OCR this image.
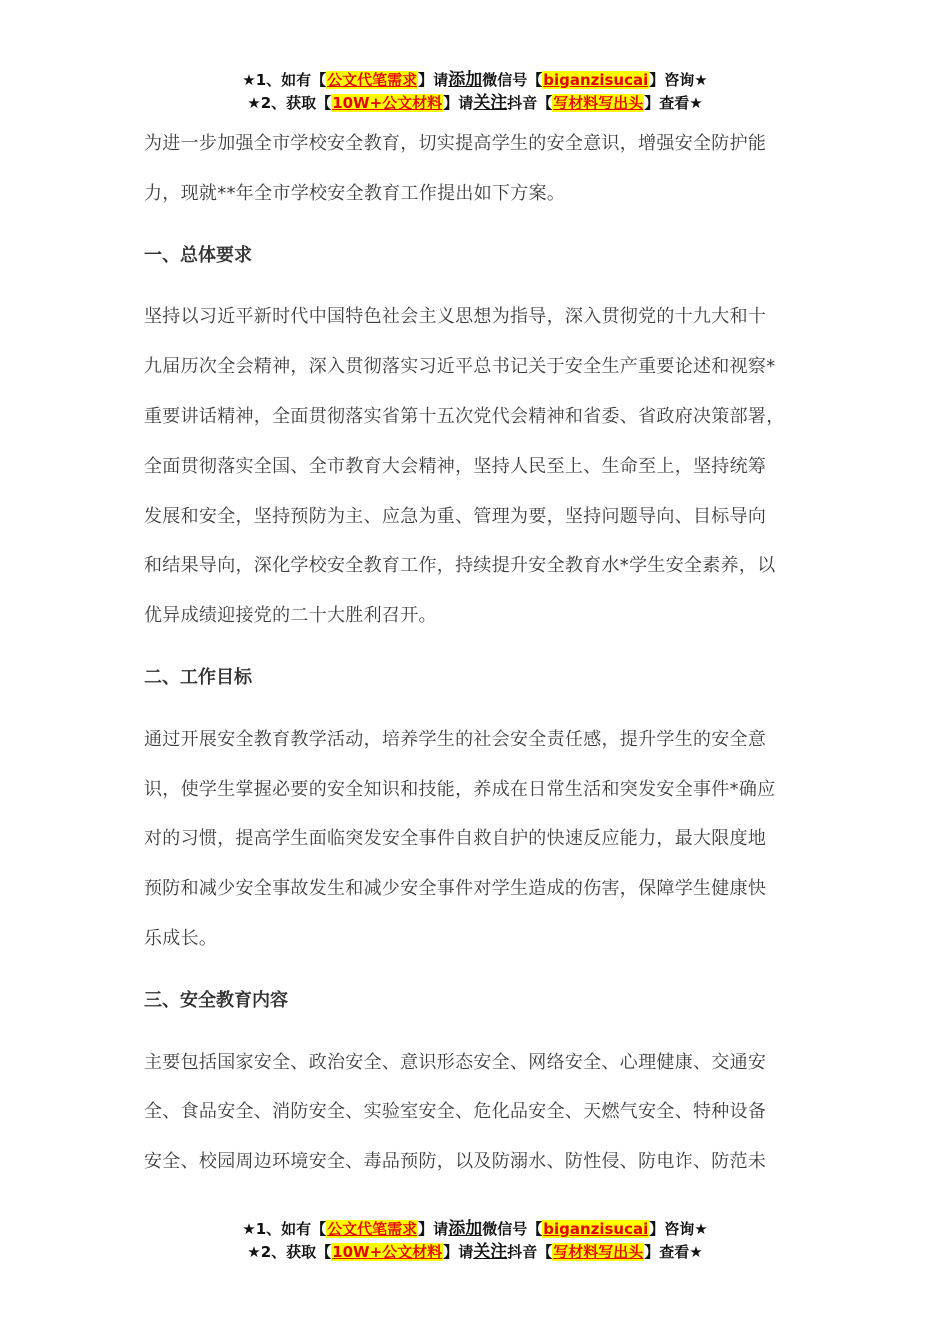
★1、如有【公文代笔需求】请添加微信号【biganzisucai】咨询★
★2、获取【10W+公文材料】请关注抖音【写材料写出头】查看★

为进一步加强全市学校安全教育，切实提高学生的安全意识，增强安全防护能

力，现就**年全市学校安全教育工作提出如下方案。

一、总体要求

坚持以习近平新时代中国特色社会主义思想为指导，深入贯彻党的十九大和十

九届历次全会精神，深入贯彻落实习近平总书记关于安全生产重要论述和视察*

重要讲话精神，全面贯彻落实省第十五次党代会精神和省委、省政府决策部署，

全面贯彻落实全国、全市教育大会精神，坚持人民至上、生命至上，坚持统筹

发展和安全，坚持预防为主、应急为重、管理为要，坚持问题导向、目标导向

和结果导向，深化学校安全教育工作，持续提升安全教育水*学生安全素养，以

优异成绩迎接党的二十大胜利召开。

二、工作目标

通过开展安全教育教学活动，培养学生的社会安全责任感，提升学生的安全意

识，使学生掌握必要的安全知识和技能，养成在日常生活和突发安全事件*确应

对的习惯，提高学生面临突发安全事件自救自护的快速反应能力，最大限度地

预防和减少安全事故发生和减少安全事件对学生造成的伤害，保障学生健康快

乐成长。

三、安全教育内容

主要包括国家安全、政治安全、意识形态安全、网络安全、心理健康、交通安

全、食品安全、消防安全、实验室安全、危化品安全、天燃气安全、特种设备

安全、校园周边环境安全、毒品预防，以及防溺水、防性侵、防电诈、防范未

★1、如有【公文代笔需求】请添加微信号【biganzisucai】咨询★
★2、获取【10W+公文材料】请关注抖音【写材料写出头】查看★
